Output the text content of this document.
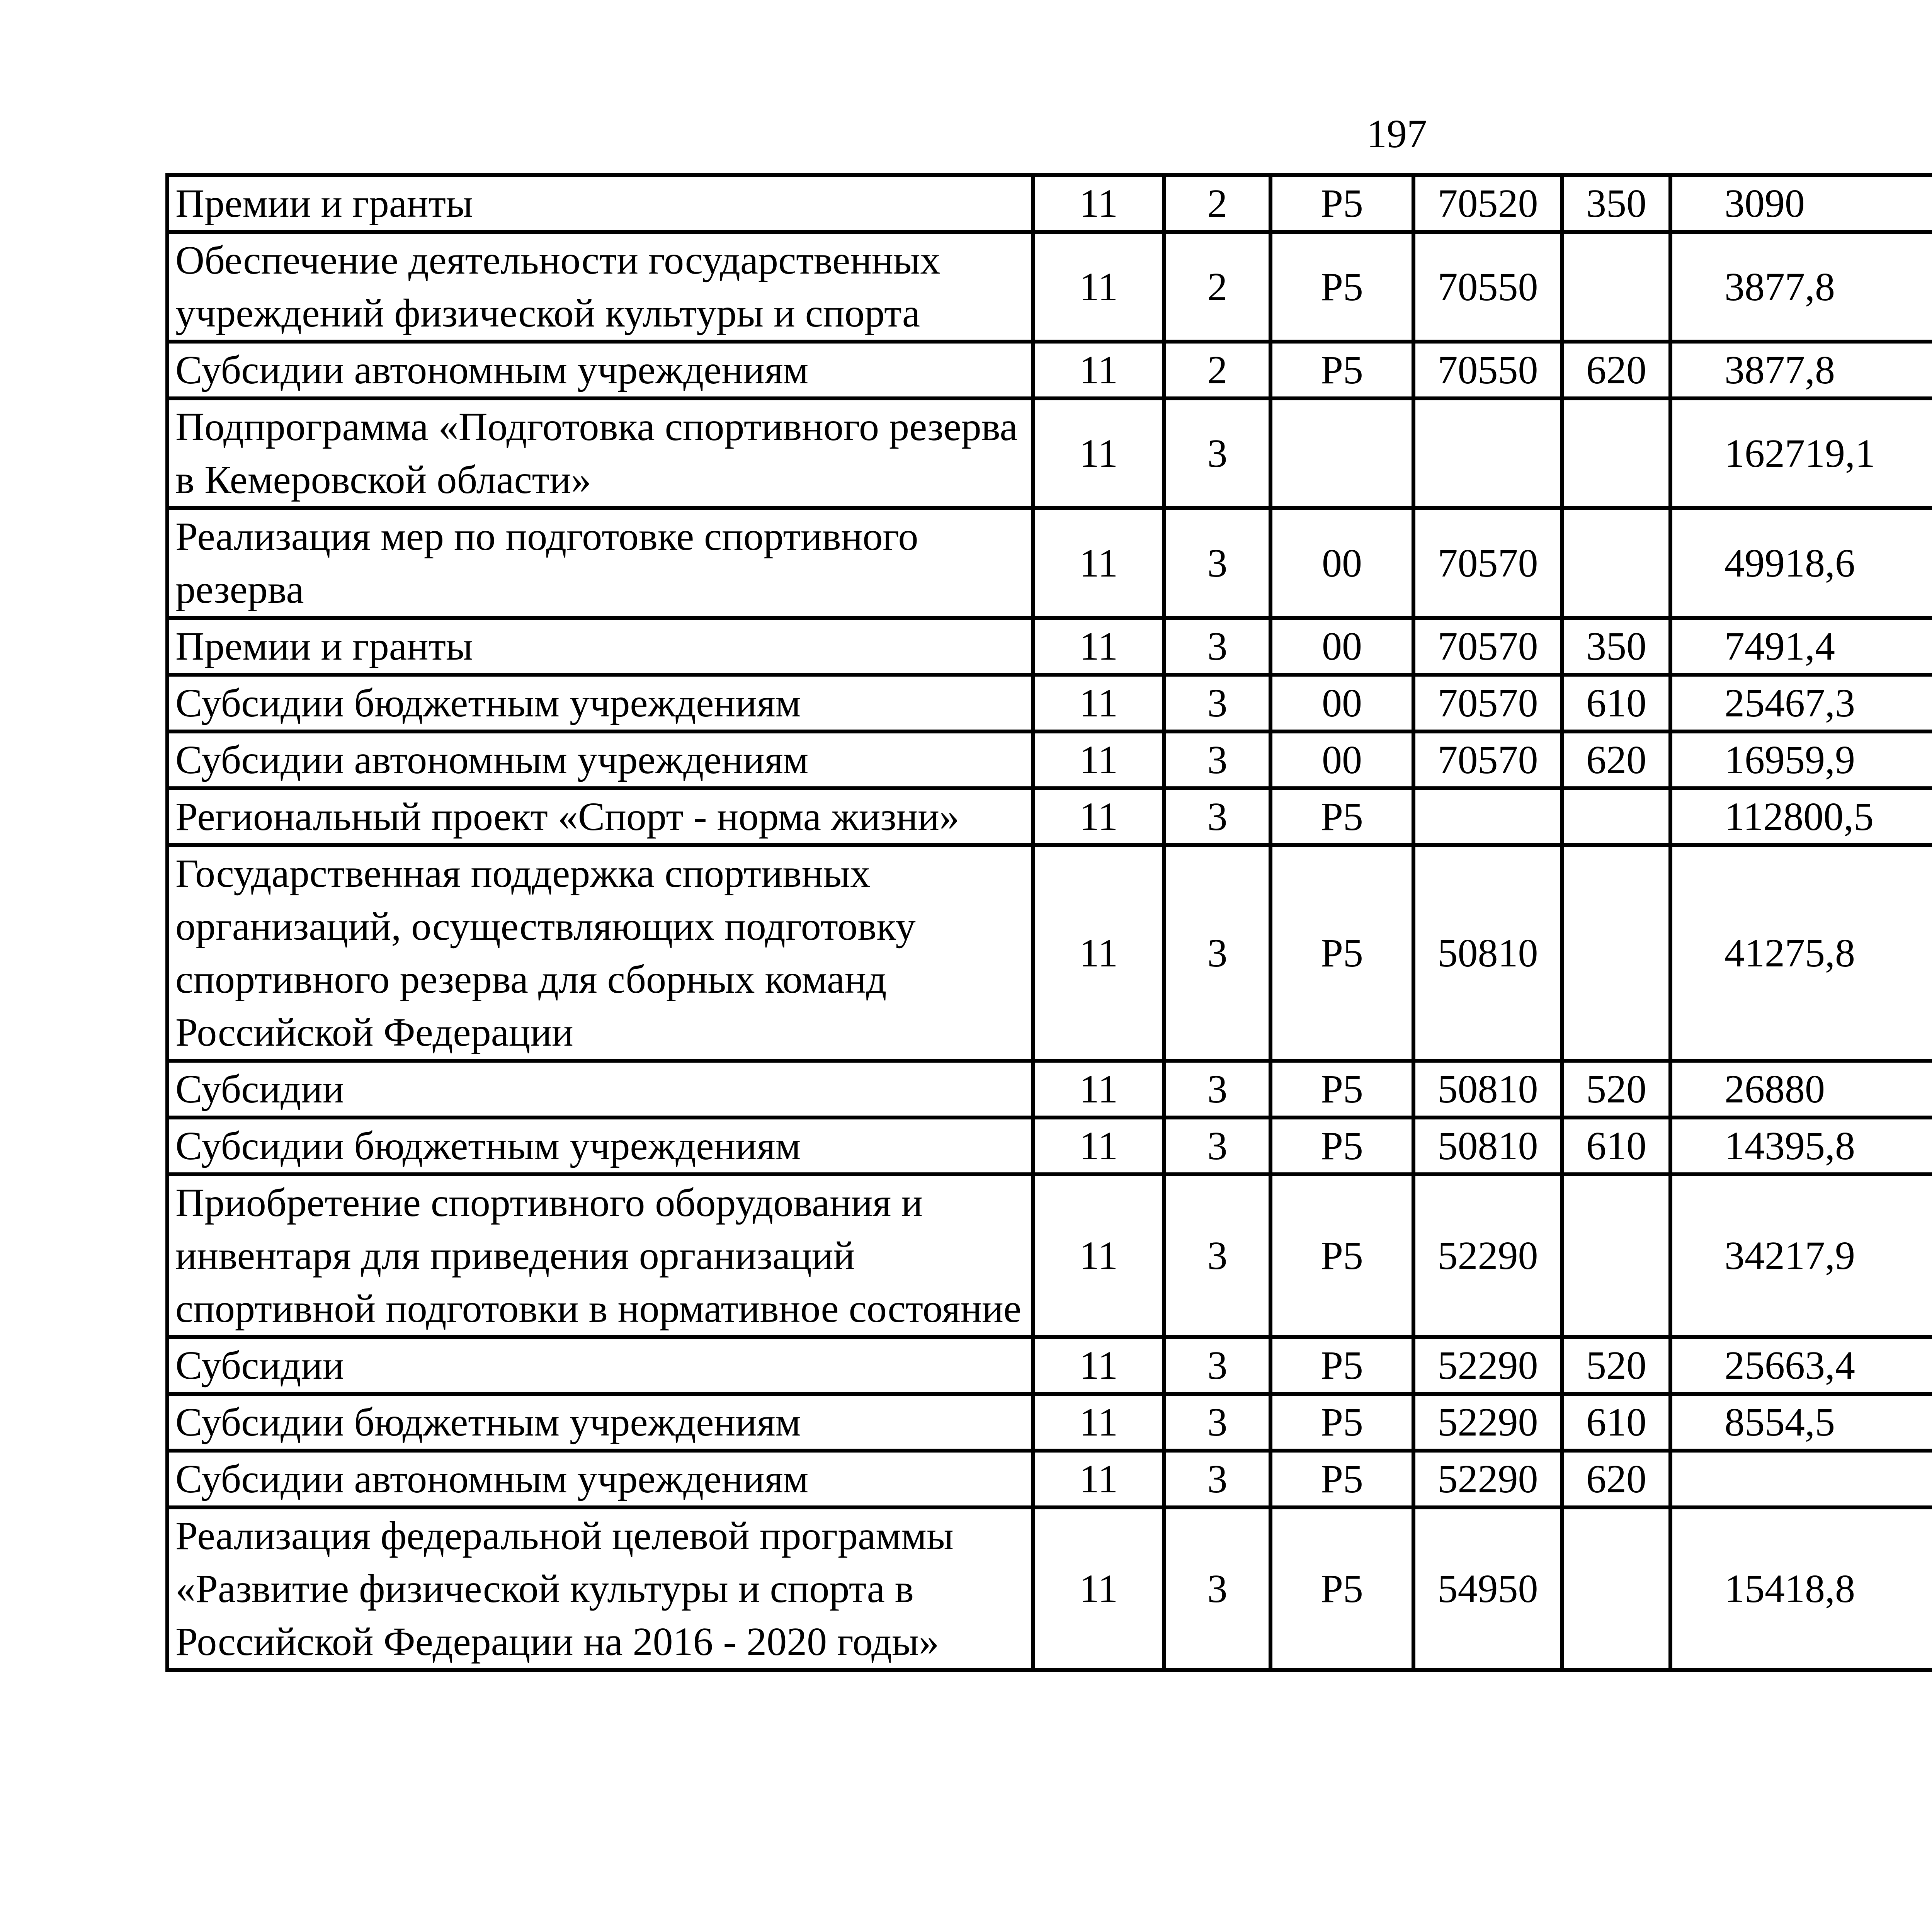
197
Премии и гранты	11	2	Р5	70520	350	3090		
Обеспечение деятельности государственных учреждений физической культуры и спорта	11	2	Р5	70550		3877,8		
Субсидии автономным учреждениям	11	2	Р5	70550	620	3877,8		
Подпрограмма «Подготовка спортивного резерва в Кемеровской области»	11	3				162719,1		
Реализация мер по подготовке спортивного резерва	11	3	00	70570		49918,6		
Премии и гранты	11	3	00	70570	350	7491,4		
Субсидии бюджетным учреждениям	11	3	00	70570	610	25467,3		
Субсидии автономным учреждениям	11	3	00	70570	620	16959,9		
Региональный проект «Спорт - норма жизни»	11	3	Р5			112800,5		
Государственная поддержка спортивных организаций, осуществляющих подготовку спортивного резерва для сборных команд Российской Федерации	11	3	Р5	50810		41275,8		
Субсидии	11	3	Р5	50810	520	26880		
Субсидии бюджетным учреждениям	11	3	Р5	50810	610	14395,8		
Приобретение спортивного оборудования и инвентаря для приведения организаций спортивной подготовки в нормативное состояние	11	3	Р5	52290		34217,9		
Субсидии	11	3	Р5	52290	520	25663,4		
Субсидии бюджетным учреждениям	11	3	Р5	52290	610	8554,5		
Субсидии автономным учреждениям	11	3	Р5	52290	620			
Реализация федеральной целевой программы «Развитие физической культуры и спорта в Российской Федерации на 2016 - 2020 годы»	11	3	Р5	54950		15418,8		
